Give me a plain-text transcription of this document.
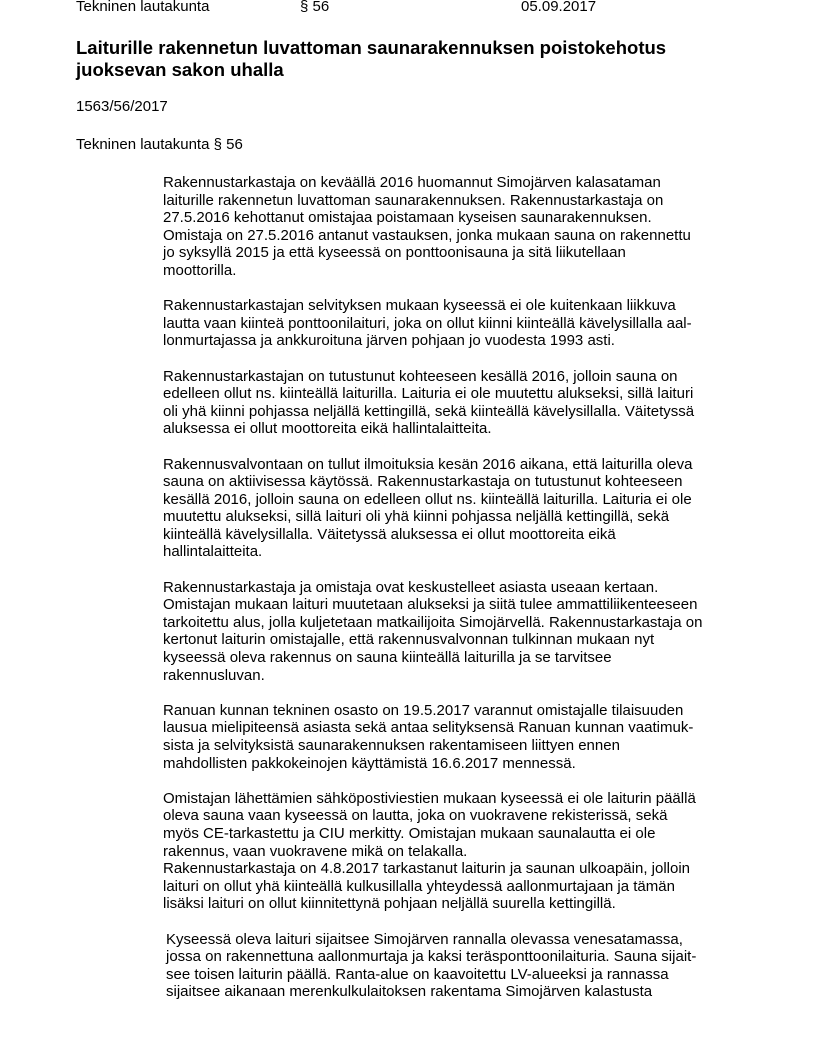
Tekninen lautakunta	§ 56	05.09.2017
Laiturille rakennetun luvattoman saunarakennuksen poistokehotus
juoksevan sakon uhalla

1563/56/2017

Tekninen lautakunta § 56

Rakennustarkastaja on keväällä 2016 huomannut Simojärven kalasataman
laiturille rakennetun luvattoman saunarakennuksen. Rakennustarkastaja on
27.5.2016 kehottanut omistajaa poistamaan kyseisen saunarakennuksen.
Omistaja on 27.5.2016 antanut vastauksen, jonka mukaan sauna on rakennettu
jo syksyllä 2015 ja että kyseessä on ponttoonisauna ja sitä liikutellaan
moottorilla.

Rakennustarkastajan selvityksen mukaan kyseessä ei ole kuitenkaan liikkuva
lautta vaan kiinteä ponttoonilaituri, joka on ollut kiinni kiinteällä kävelysillalla aal-
lonmurtajassa ja ankkuroituna järven pohjaan jo vuodesta 1993 asti.

Rakennustarkastajan on tutustunut kohteeseen kesällä 2016, jolloin sauna on
edelleen ollut ns. kiinteällä laiturilla. Laituria ei ole muutettu alukseksi, sillä laituri
oli yhä kiinni pohjassa neljällä kettingillä, sekä kiinteällä kävelysillalla. Väitetyssä
aluksessa ei ollut moottoreita eikä hallintalaitteita.

Rakennusvalvontaan on tullut ilmoituksia kesän 2016 aikana, että laiturilla oleva
sauna on aktiivisessa käytössä. Rakennustarkastaja on tutustunut kohteeseen
kesällä 2016, jolloin sauna on edelleen ollut ns. kiinteällä laiturilla. Laituria ei ole
muutettu alukseksi, sillä laituri oli yhä kiinni pohjassa neljällä kettingillä, sekä
kiinteällä kävelysillalla. Väitetyssä aluksessa ei ollut moottoreita eikä
hallintalaitteita.

Rakennustarkastaja ja omistaja ovat keskustelleet asiasta useaan kertaan.
Omistajan mukaan laituri muutetaan alukseksi ja siitä tulee ammattiliikenteeseen
tarkoitettu alus, jolla kuljetetaan matkailijoita Simojärvellä. Rakennustarkastaja on
kertonut laiturin omistajalle, että rakennusvalvonnan tulkinnan mukaan nyt
kyseessä oleva rakennus on sauna kiinteällä laiturilla ja se tarvitsee
rakennusluvan.

Ranuan kunnan tekninen osasto on 19.5.2017 varannut omistajalle tilaisuuden
lausua mielipiteensä asiasta sekä antaa selityksensä Ranuan kunnan vaatimuk-
sista ja selvityksistä saunarakennuksen rakentamiseen liittyen ennen
mahdollisten pakkokeinojen käyttämistä 16.6.2017 mennessä.

Omistajan lähettämien sähköpostiviestien mukaan kyseessä ei ole laiturin päällä
oleva sauna vaan kyseessä on lautta, joka on vuokravene rekisterissä, sekä
myös CE-tarkastettu ja CIU merkitty. Omistajan mukaan saunalautta ei ole
rakennus, vaan vuokravene mikä on telakalla.

Rakennustarkastaja on 4.8.2017 tarkastanut laiturin ja saunan ulkoapäin, jolloin
laituri on ollut yhä kiinteällä kulkusillalla yhteydessä aallonmurtajaan ja tämän
lisäksi laituri on ollut kiinnitettynä pohjaan neljällä suurella kettingillä.

Kyseessä oleva laituri sijaitsee Simojärven rannalla olevassa venesatamassa,
jossa on rakennettuna aallonmurtaja ja kaksi teräsponttoonilaituria. Sauna sijait-
see toisen laiturin päällä. Ranta-alue on kaavoitettu LV-alueeksi ja rannassa
sijaitsee aikanaan merenkulkulaitoksen rakentama Simojärven kalastusta
